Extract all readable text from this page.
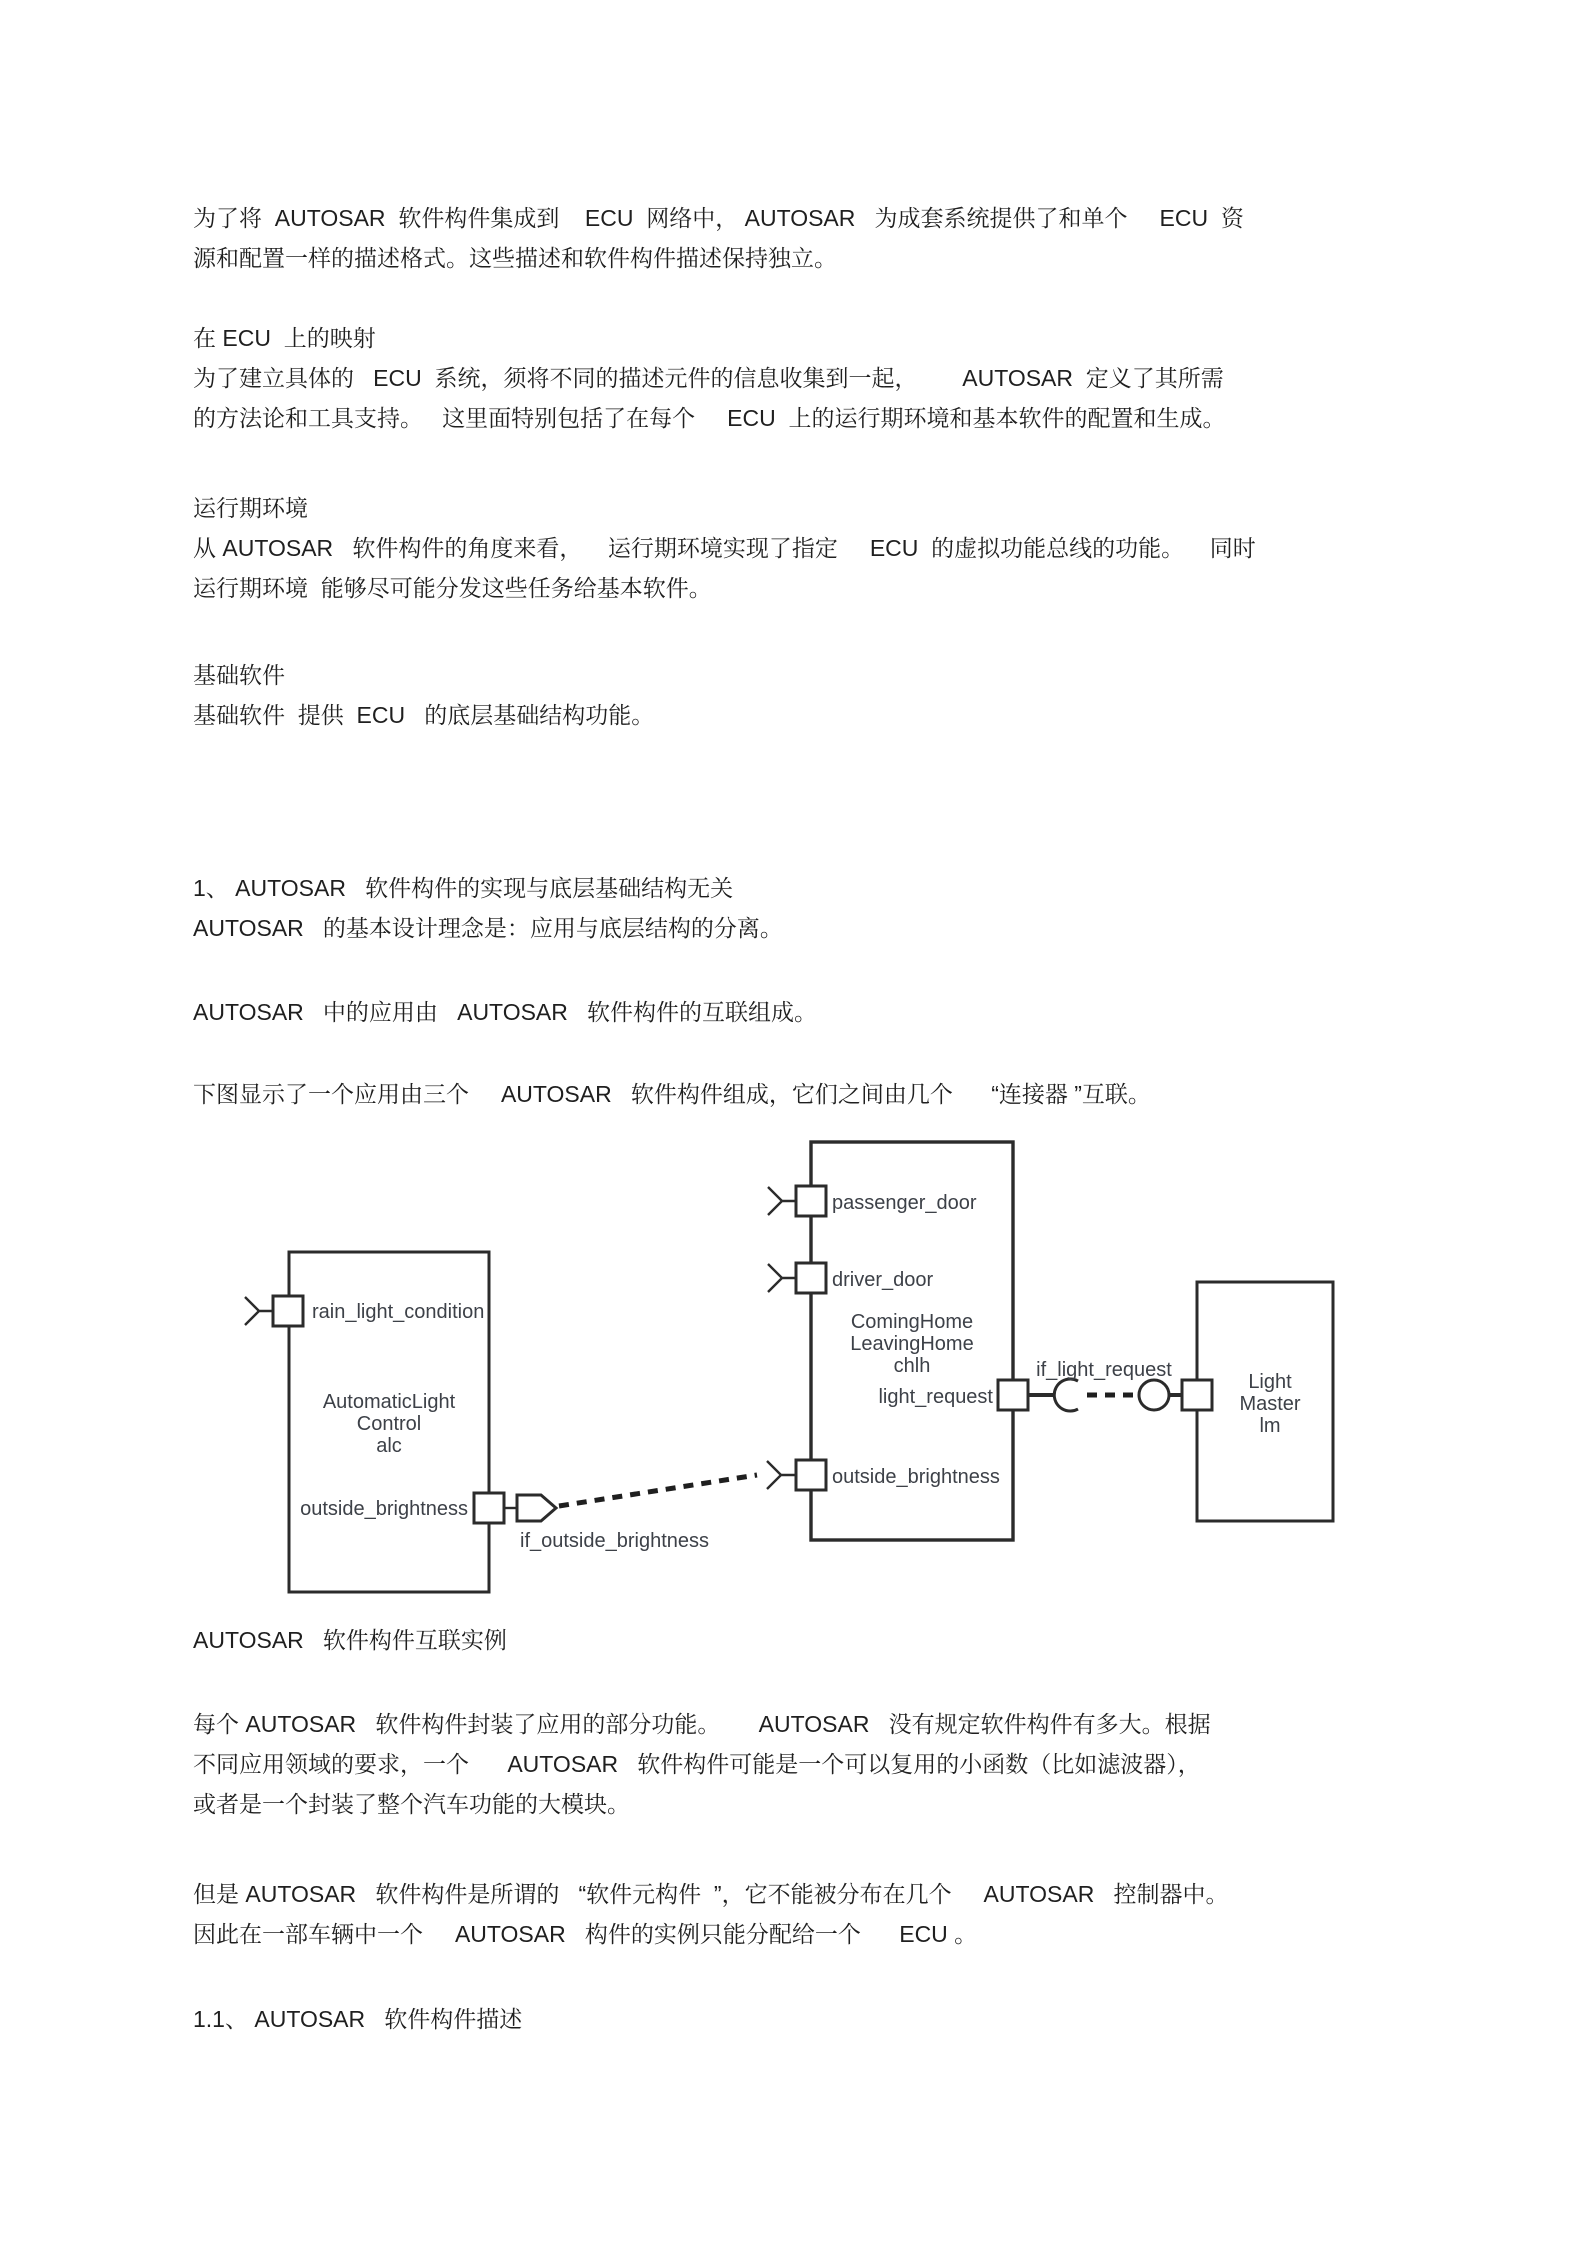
为了将  AUTOSAR  软件构件集成到    ECU  网络中， AUTOSAR   为成套系统提供了和单个     ECU  资
源和配置一样的描述格式。这些描述和软件构件描述保持独立。
在 ECU  上的映射
为了建立具体的   ECU  系统，须将不同的描述元件的信息收集到一起，       AUTOSAR  定义了其所需
的方法论和工具支持。   这里面特别包括了在每个     ECU  上的运行期环境和基本软件的配置和生成。
运行期环境
从 AUTOSAR   软件构件的角度来看，    运行期环境实现了指定     ECU  的虚拟功能总线的功能。    同时
运行期环境  能够尽可能分发这些任务给基本软件。
基础软件
基础软件  提供  ECU   的底层基础结构功能。
1、 AUTOSAR   软件构件的实现与底层基础结构无关
AUTOSAR   的基本设计理念是：应用与底层结构的分离。
AUTOSAR   中的应用由   AUTOSAR   软件构件的互联组成。
下图显示了一个应用由三个     AUTOSAR   软件构件组成，它们之间由几个      “连接器 ”互联。
AutomaticLight
Control
alc
rain_light_condition
outside_brightness
if_outside_brightness
ComingHome
LeavingHome
chlh
passenger_door
driver_door
outside_brightness
light_request
if_light_request
Light
Master
lm
AUTOSAR   软件构件互联实例
每个 AUTOSAR   软件构件封装了应用的部分功能。      AUTOSAR   没有规定软件构件有多大。根据
不同应用领域的要求，一个      AUTOSAR   软件构件可能是一个可以复用的小函数（比如滤波器），
或者是一个封装了整个汽车功能的大模块。
但是 AUTOSAR   软件构件是所谓的   “软件元构件  ”，它不能被分布在几个     AUTOSAR   控制器中。
因此在一部车辆中一个     AUTOSAR   构件的实例只能分配给一个      ECU 。
1.1、 AUTOSAR   软件构件描述
